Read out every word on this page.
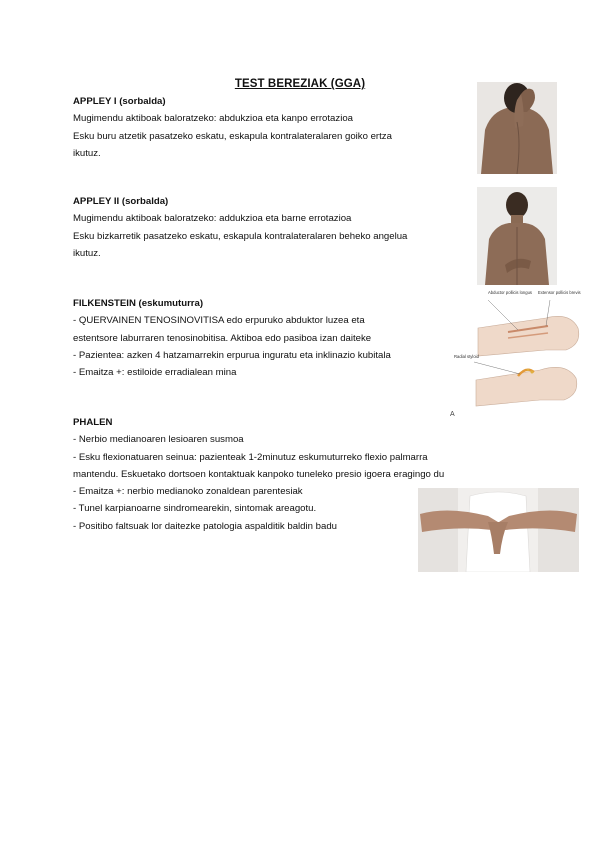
TEST BEREZIAK (GGA)

APPLEY I (sorbalda)

Mugimendu aktiboak baloratzeko: abdukzioa eta kanpo errotazioa

Esku buru atzetik pasatzeko eskatu, eskapula kontralateralaren goiko ertza

ikutuz.

APPLEY II (sorbalda)

Mugimendu aktiboak baloratzeko: addukzioa eta barne errotazioa

Esku bizkarretik pasatzeko eskatu, eskapula kontralateralaren beheko angelua

ikutuz.

FILKENSTEIN (eskumuturra)

- QUERVAINEN TENOSINOVITISA edo erpuruko abduktor luzea eta

estentsore laburraren tenosinobitisa. Aktiboa edo pasiboa izan daiteke

- Pazientea: azken 4 hatzamarrekin erpurua inguratu eta inklinazio kubitala

- Emaitza +: estiloide erradialean mina

PHALEN

- Nerbio medianoaren lesioaren susmoa

- Esku flexionatuaren seinua: pazienteak 1-2minutuz eskumuturreko flexio palmarra

mantendu. Eskuetako dortsoen kontaktuak kanpoko tuneleko presio igoera eragingo du

- Emaitza +: nerbio medianoko zonaldean parentesiak

- Tunel karpianoarne sindromearekin, sintomak areagotu.

- Positibo faltsuak lor daitezke patologia aspalditik baldin badu

Abductor pollicis longus Extensor pollicis brevis
Radial styloid
A
